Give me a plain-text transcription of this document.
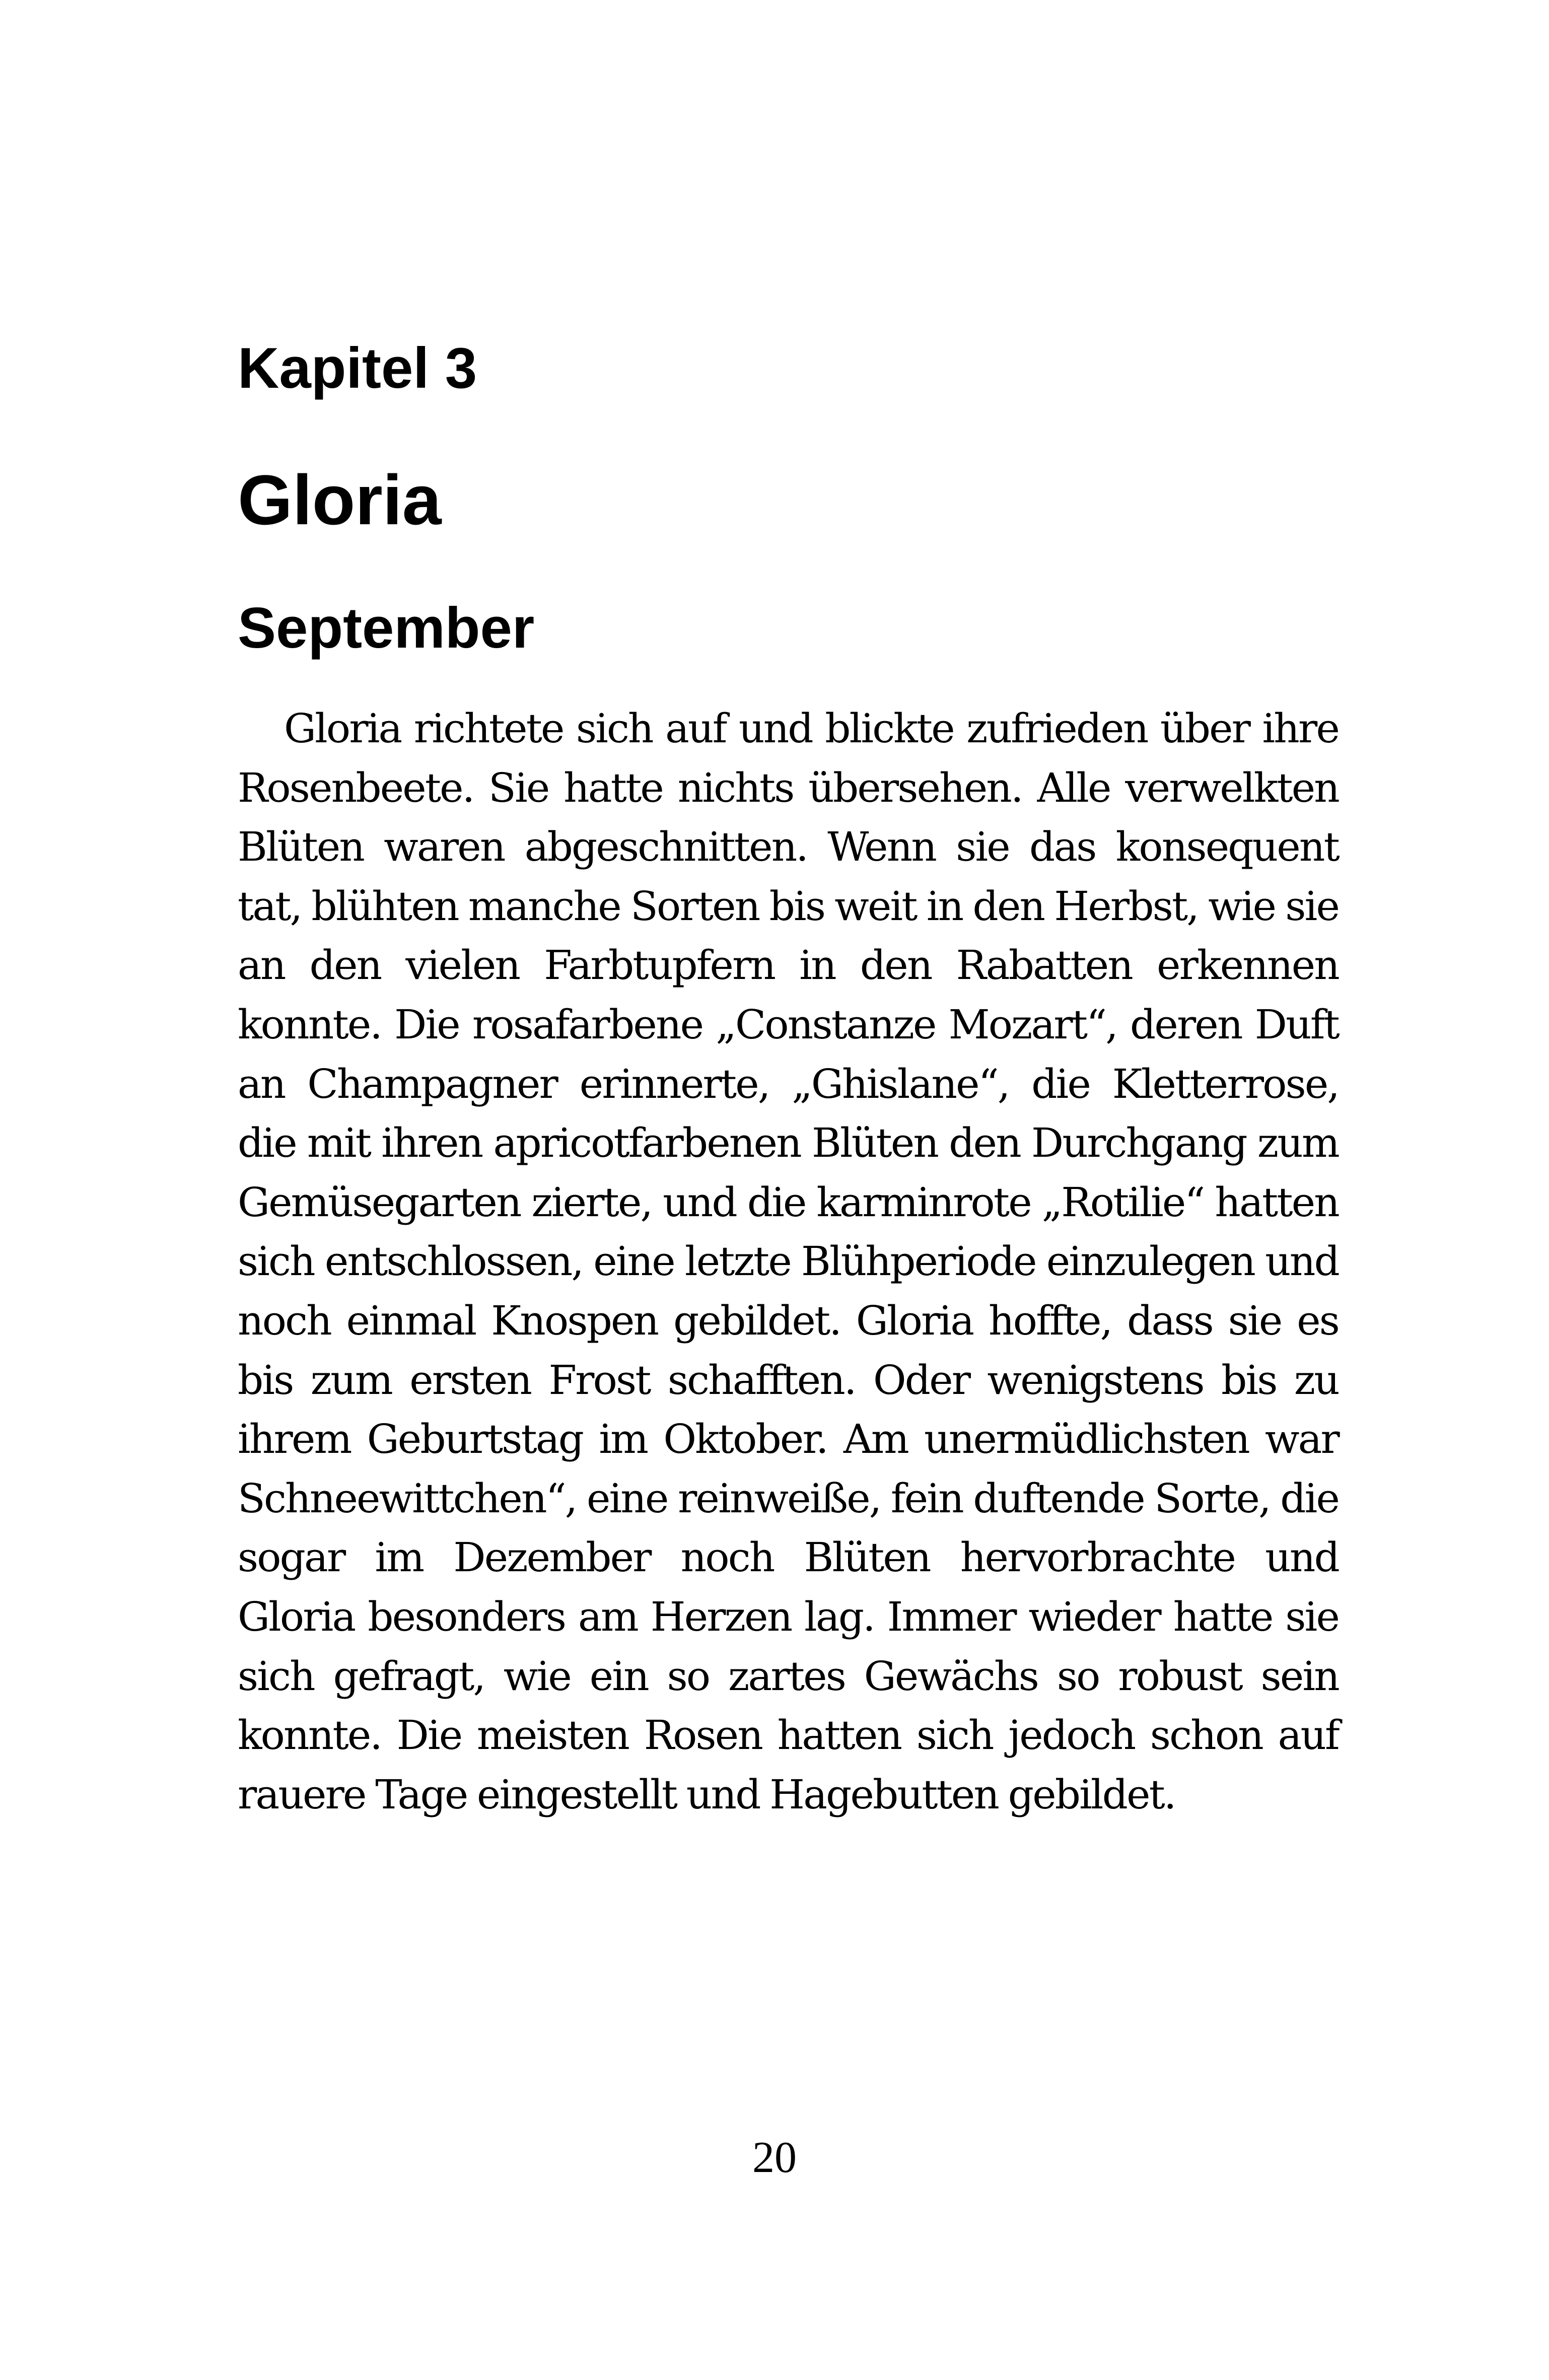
Kapitel 3
Gloria
September

Gloria richtete sich auf und blickte zufrieden über ihre Rosenbeete. Sie hatte nichts übersehen. Alle verwelkten Blüten waren abgeschnitten. Wenn sie das konsequent tat, blühten manche Sorten bis weit in den Herbst, wie sie an den vielen Farbtupfern in den Rabatten erkennen konnte. Die rosafarbene „Constanze Mozart“, deren Duft an Champagner erinnerte, „Ghislane“, die Kletterrose, die mit ihren apricotfarbenen Blüten den Durchgang zum Gemüsegarten zierte, und die karminrote „Rotilie“ hatten sich entschlossen, eine letzte Blühperiode einzulegen und noch einmal Knospen gebildet. Gloria hoffte, dass sie es bis zum ersten Frost schafften. Oder wenigstens bis zu ihrem Geburtstag im Oktober. Am unermüdlichsten war Schneewittchen“, eine reinweiße, fein duftende Sorte, die sogar im Dezember noch Blüten hervorbrachte und Gloria besonders am Herzen lag. Immer wieder hatte sie sich gefragt, wie ein so zartes Gewächs so robust sein konnte. Die meisten Rosen hatten sich jedoch schon auf rauere Tage eingestellt und Hagebutten gebildet.

20
